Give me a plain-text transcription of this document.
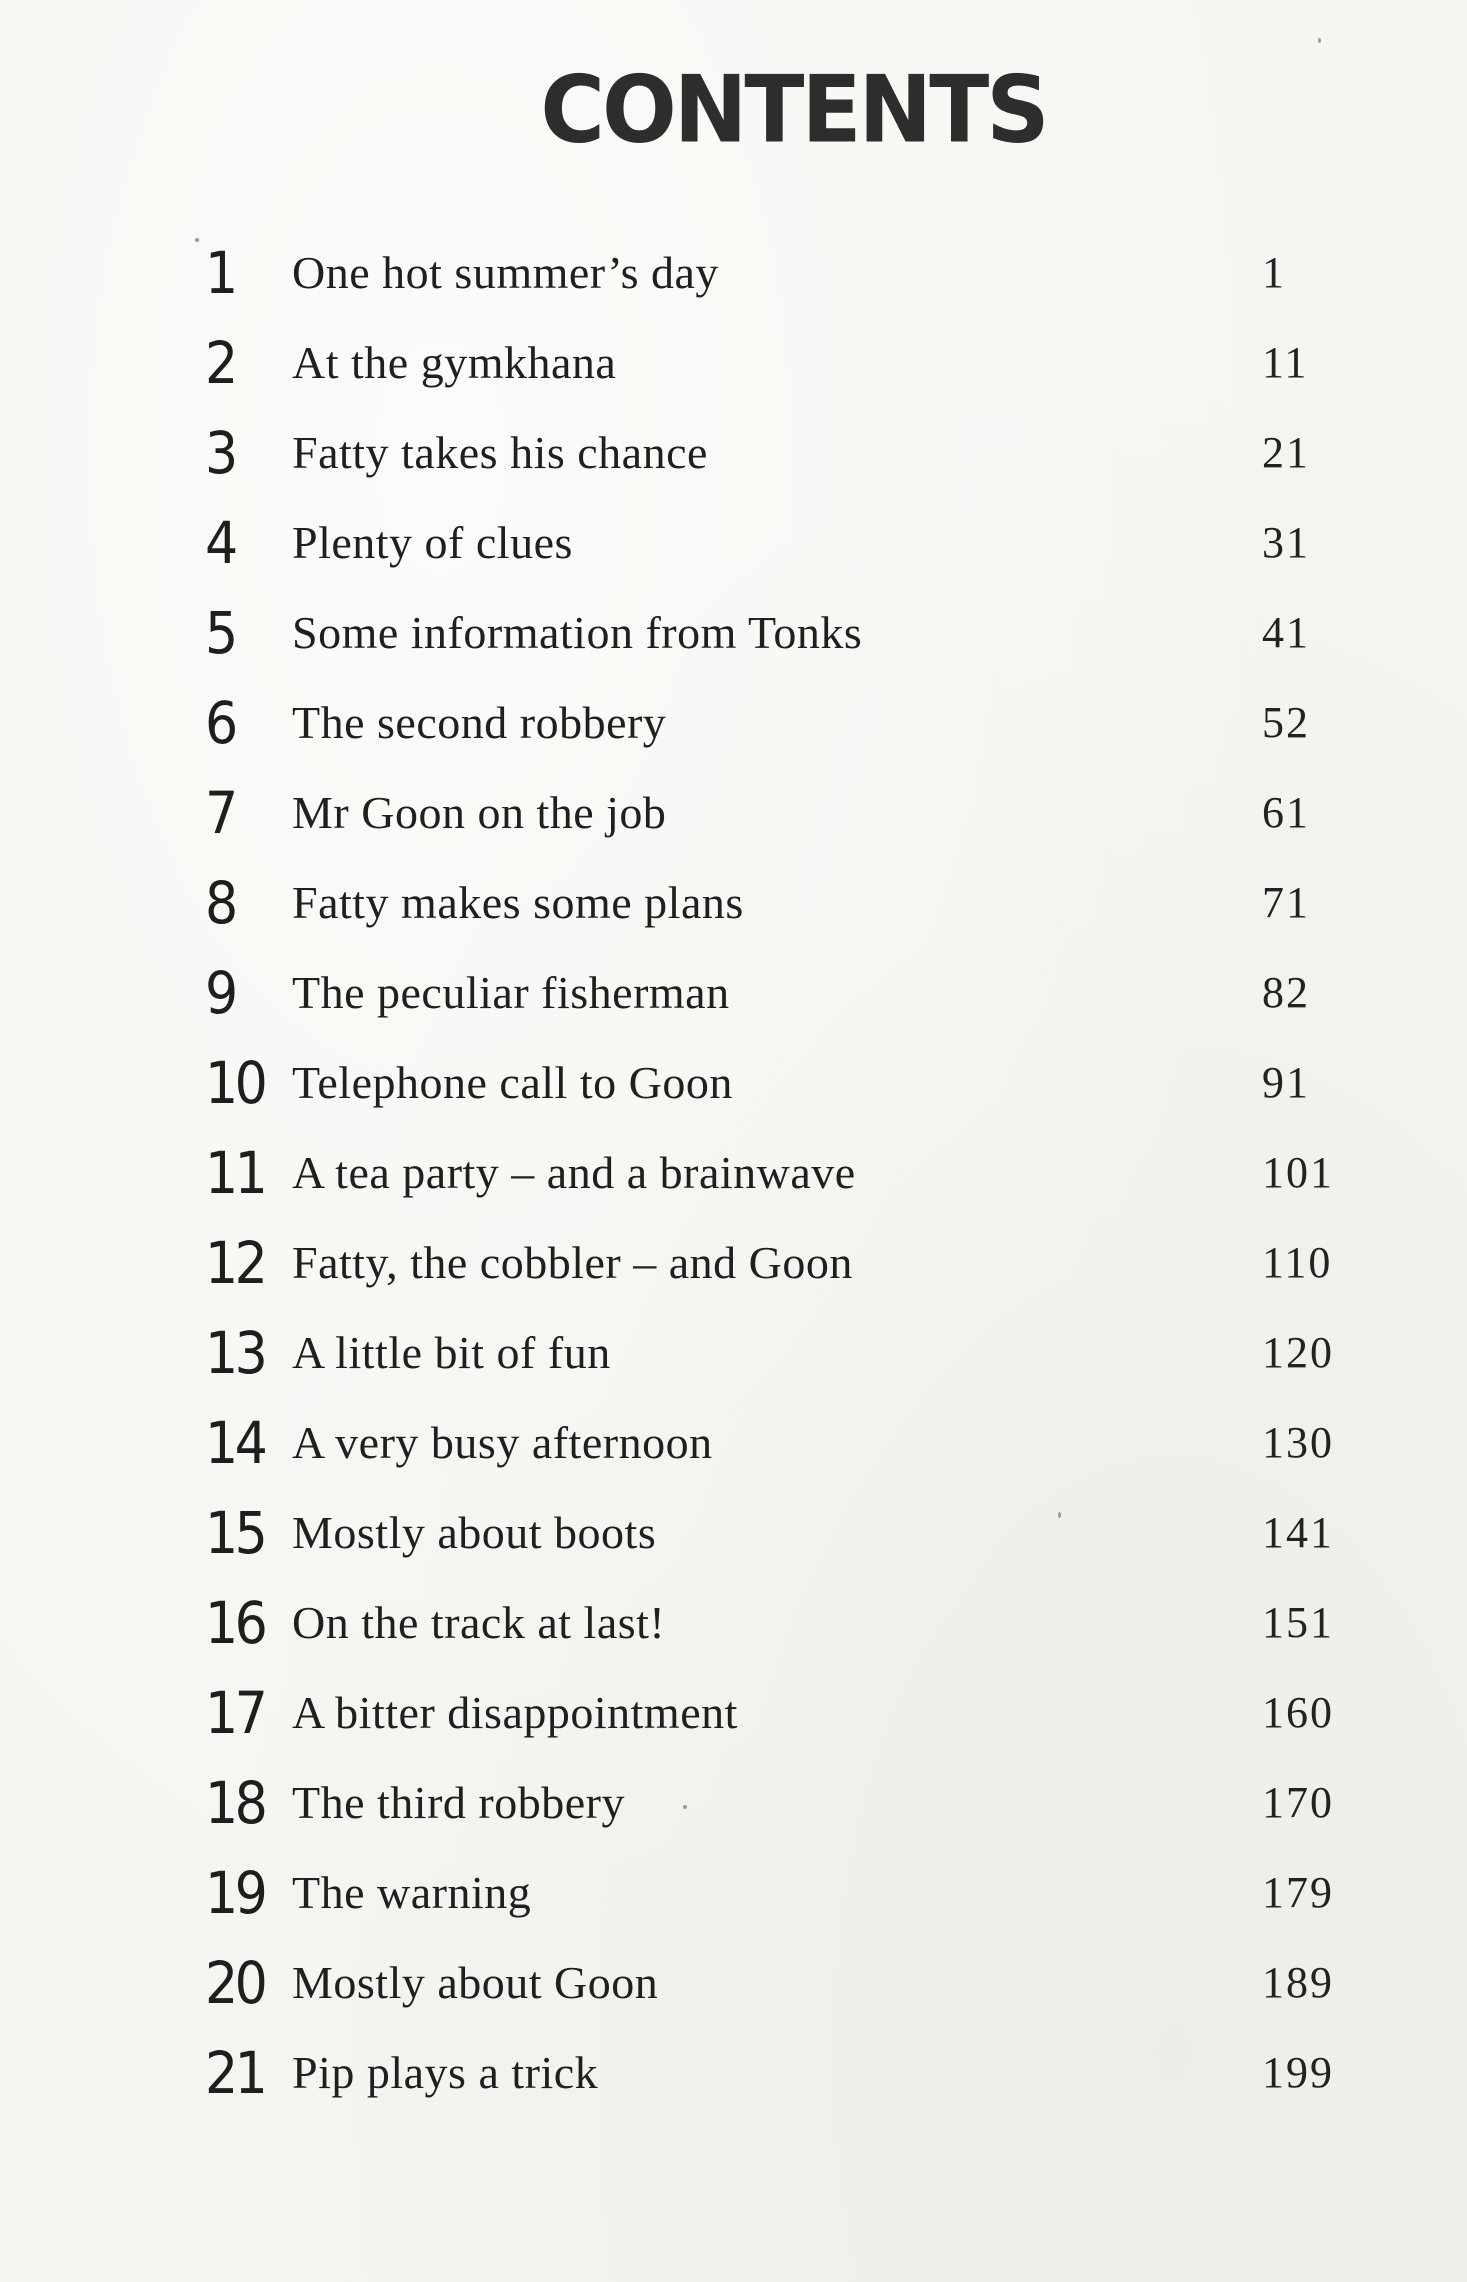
CONTENTS
1 One hot summer’s day	1
2 At the gymkhana	11
3 Fatty takes his chance	21
4 Plenty of clues	31
5 Some information from Tonks	41
6 The second robbery	52
7 Mr Goon on the job	61
8 Fatty makes some plans	71
9 The peculiar fisherman	82
10 Telephone call to Goon	91
11 A tea party – and a brainwave	101
12 Fatty, the cobbler – and Goon	110
13 A little bit of fun	120
14 A very busy afternoon	130
15 Mostly about boots	141
16 On the track at last!	151
17 A bitter disappointment	160
18 The third robbery	170
19 The warning	179
20 Mostly about Goon	189
21 Pip plays a trick	199
